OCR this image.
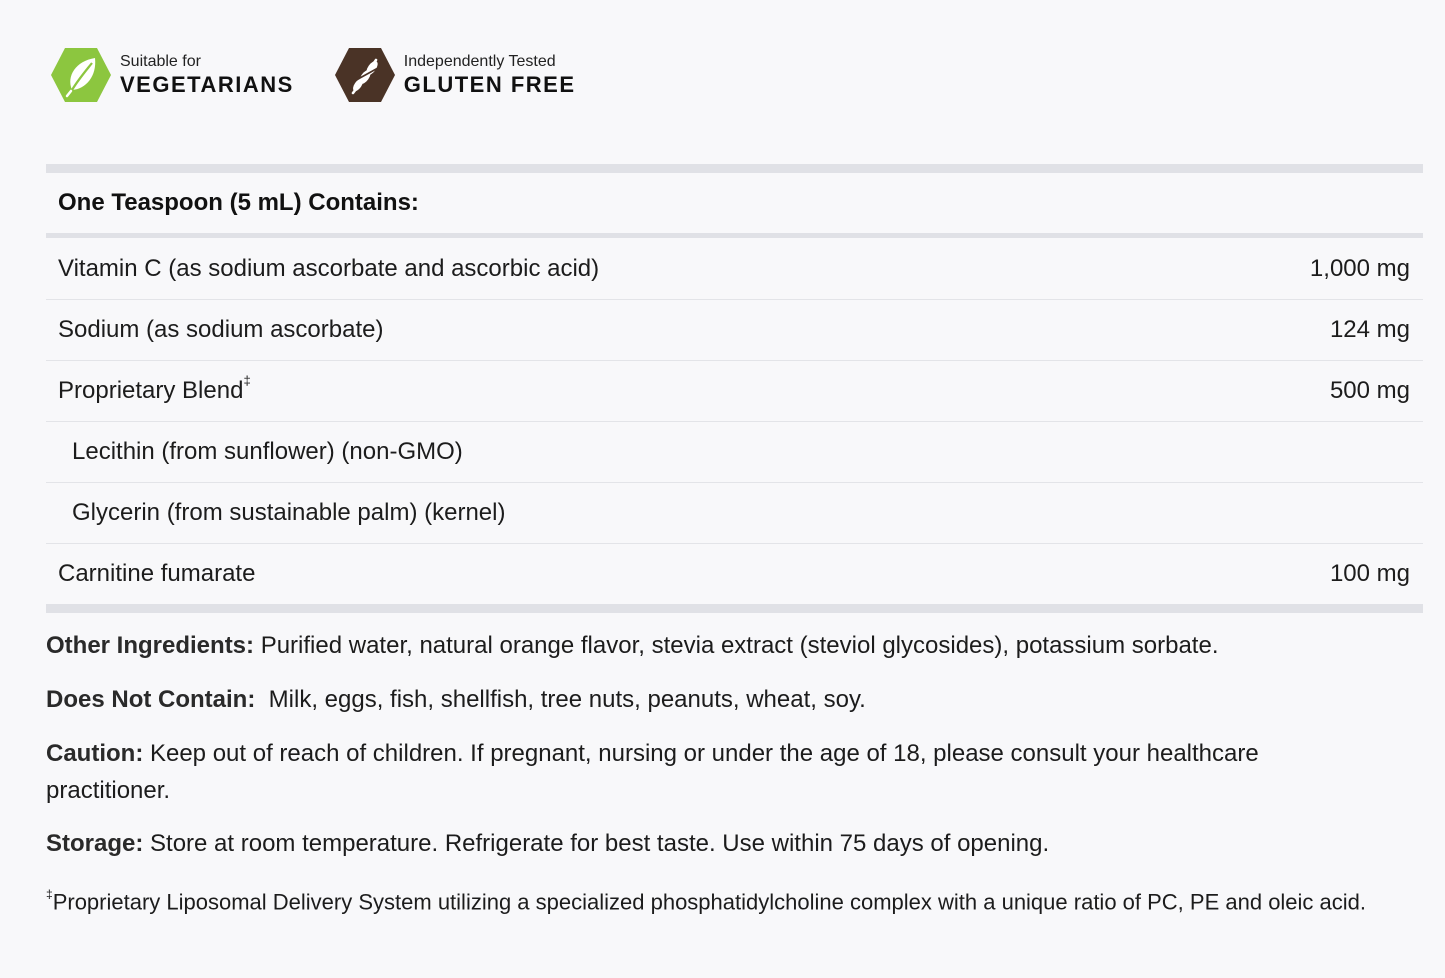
Suitable for
VEGETARIANS
Independently Tested
GLUTEN FREE
One Teaspoon (5 mL) Contains:
Vitamin C (as sodium ascorbate and ascorbic acid)	1,000 mg
Sodium (as sodium ascorbate)	124 mg
Proprietary Blend‡	500 mg
Lecithin (from sunflower) (non-GMO)
Glycerin (from sustainable palm) (kernel)
Carnitine fumarate	100 mg
Other Ingredients: Purified water, natural orange flavor, stevia extract (steviol glycosides), potassium sorbate.
Does Not Contain:  Milk, eggs, fish, shellfish, tree nuts, peanuts, wheat, soy.
Caution: Keep out of reach of children. If pregnant, nursing or under the age of 18, please consult your healthcare practitioner.
Storage: Store at room temperature. Refrigerate for best taste. Use within 75 days of opening.
‡Proprietary Liposomal Delivery System utilizing a specialized phosphatidylcholine complex with a unique ratio of PC, PE and oleic acid.
